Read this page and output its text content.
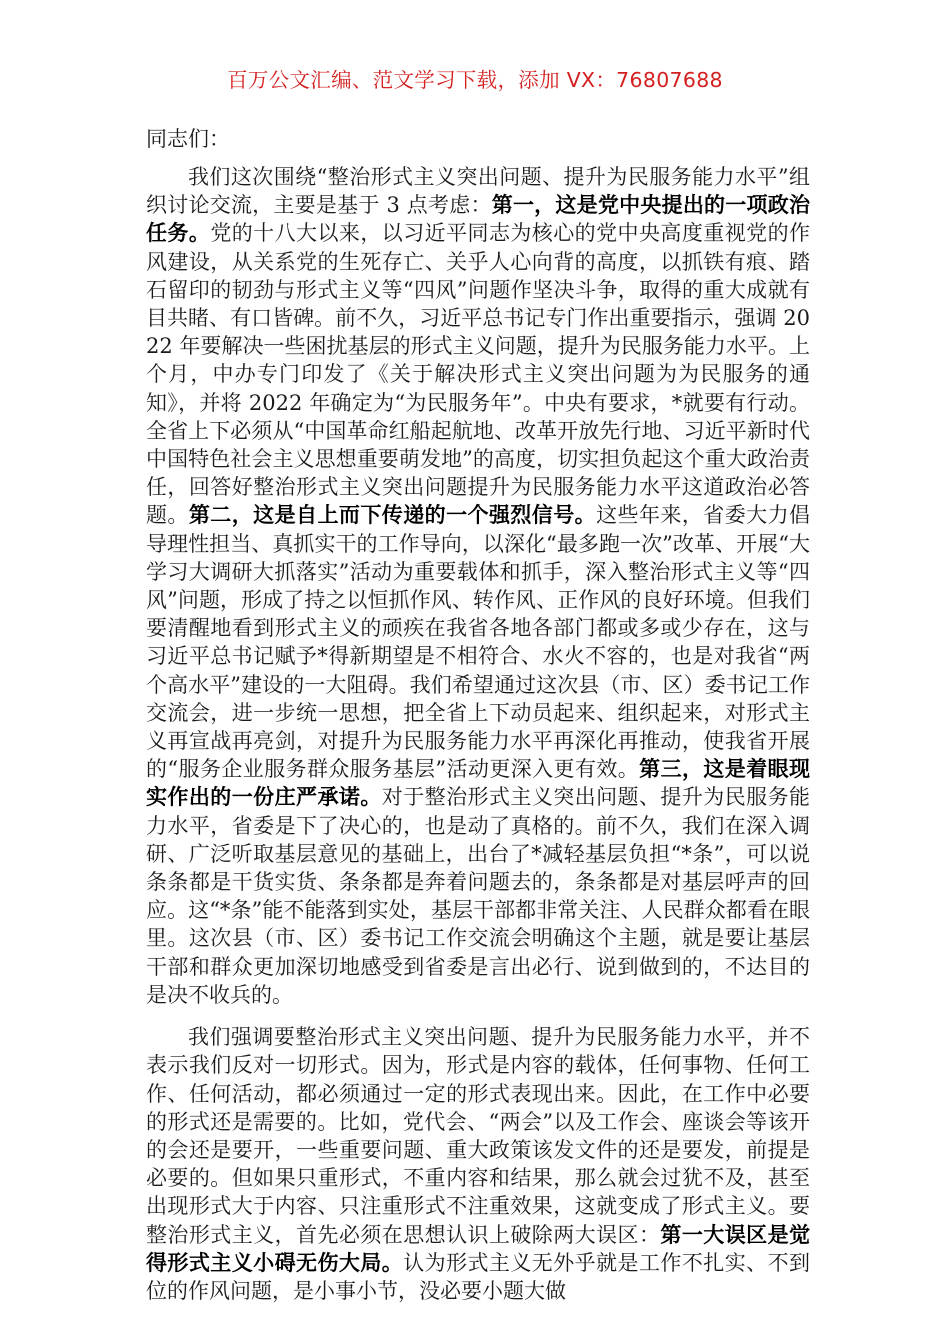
百万公文汇编、范文学习下载，添加 VX：76807688

同志们：

我们这次围绕“整治形式主义突出问题、提升为民服务能力水平”组织讨论交流，主要是基于 3 点考虑：第一，这是党中央提出的一项政治任务。党的十八大以来，以习近平同志为核心的党中央高度重视党的作风建设，从关系党的生死存亡、关乎人心向背的高度，以抓铁有痕、踏石留印的韧劲与形式主义等“四风”问题作坚决斗争，取得的重大成就有目共睹、有口皆碑。前不久，习近平总书记专门作出重要指示，强调 2022 年要解决一些困扰基层的形式主义问题，提升为民服务能力水平。上个月，中办专门印发了《关于解决形式主义突出问题为为民服务的通知》，并将 2022 年确定为“为民服务年”。中央有要求，*就要有行动。全省上下必须从“中国革命红船起航地、改革开放先行地、习近平新时代中国特色社会主义思想重要萌发地”的高度，切实担负起这个重大政治责任，回答好整治形式主义突出问题提升为民服务能力水平这道政治必答题。第二，这是自上而下传递的一个强烈信号。这些年来，省委大力倡导理性担当、真抓实干的工作导向，以深化“最多跑一次”改革、开展“大学习大调研大抓落实”活动为重要载体和抓手，深入整治形式主义等“四风”问题，形成了持之以恒抓作风、转作风、正作风的良好环境。但我们要清醒地看到形式主义的顽疾在我省各地各部门都或多或少存在，这与习近平总书记赋予*得新期望是不相符合、水火不容的，也是对我省“两个高水平”建设的一大阻碍。我们希望通过这次县（市、区）委书记工作交流会，进一步统一思想，把全省上下动员起来、组织起来，对形式主义再宣战再亮剑，对提升为民服务能力水平再深化再推动，使我省开展的“服务企业服务群众服务基层”活动更深入更有效。第三，这是着眼现实作出的一份庄严承诺。对于整治形式主义突出问题、提升为民服务能力水平，省委是下了决心的，也是动了真格的。前不久，我们在深入调研、广泛听取基层意见的基础上，出台了*减轻基层负担“*条”，可以说条条都是干货实货、条条都是奔着问题去的，条条都是对基层呼声的回应。这“*条”能不能落到实处，基层干部都非常关注、人民群众都看在眼里。这次县（市、区）委书记工作交流会明确这个主题，就是要让基层干部和群众更加深切地感受到省委是言出必行、说到做到的，不达目的是决不收兵的。

我们强调要整治形式主义突出问题、提升为民服务能力水平，并不表示我们反对一切形式。因为，形式是内容的载体，任何事物、任何工作、任何活动，都必须通过一定的形式表现出来。因此，在工作中必要的形式还是需要的。比如，党代会、“两会”以及工作会、座谈会等该开的会还是要开，一些重要问题、重大政策该发文件的还是要发，前提是必要的。但如果只重形式，不重内容和结果，那么就会过犹不及，甚至出现形式大于内容、只注重形式不注重效果，这就变成了形式主义。要整治形式主义，首先必须在思想认识上破除两大误区：第一大误区是觉得形式主义小碍无伤大局。认为形式主义无外乎就是工作不扎实、不到位的作风问题，是小事小节，没必要小题大做
